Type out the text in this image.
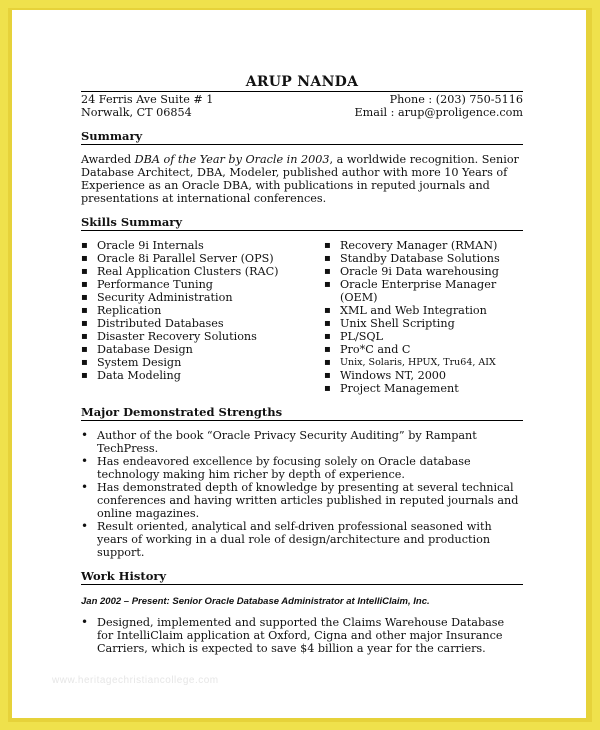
ARUP NANDA
24 Ferris Ave Suite # 1	Phone : (203) 750-5116
Norwalk, CT 06854	Email : arup@proligence.com
Summary
Awarded DBA of the Year by Oracle in 2003, a worldwide recognition. Senior Database Architect, DBA, Modeler, published author with more 10 Years of Experience as an Oracle DBA, with publications in reputed journals and presentations at international conferences.
Skills Summary
▪ Oracle 9i Internals
▪ Oracle 8i Parallel Server (OPS)
▪ Real Application Clusters (RAC)
▪ Performance Tuning
▪ Security Administration
▪ Replication
▪ Distributed Databases
▪ Disaster Recovery Solutions
▪ Database Design
▪ System Design
▪ Data Modeling
▪ Recovery Manager (RMAN)
▪ Standby Database Solutions
▪ Oracle 9i Data warehousing
▪ Oracle Enterprise Manager (OEM)
▪ XML and Web Integration
▪ Unix Shell Scripting
▪ PL/SQL
▪ Pro*C and C
▪ Unix, Solaris, HPUX, Tru64, AIX
▪ Windows NT, 2000
▪ Project Management
Major Demonstrated Strengths
• Author of the book “Oracle Privacy Security Auditing” by Rampant TechPress.
• Has endeavored excellence by focusing solely on Oracle database technology making him richer by depth of experience.
• Has demonstrated depth of knowledge by presenting at several technical conferences and having written articles published in reputed journals and online magazines.
• Result oriented, analytical and self-driven professional seasoned with years of working in a dual role of design/architecture and production support.
Work History
Jan 2002 – Present: Senior Oracle Database Administrator at IntelliClaim, Inc.
• Designed, implemented and supported the Claims Warehouse Database for IntelliClaim application at Oxford, Cigna and other major Insurance Carriers, which is expected to save $4 billion a year for the carriers.
www.heritagechristiancollege.com
